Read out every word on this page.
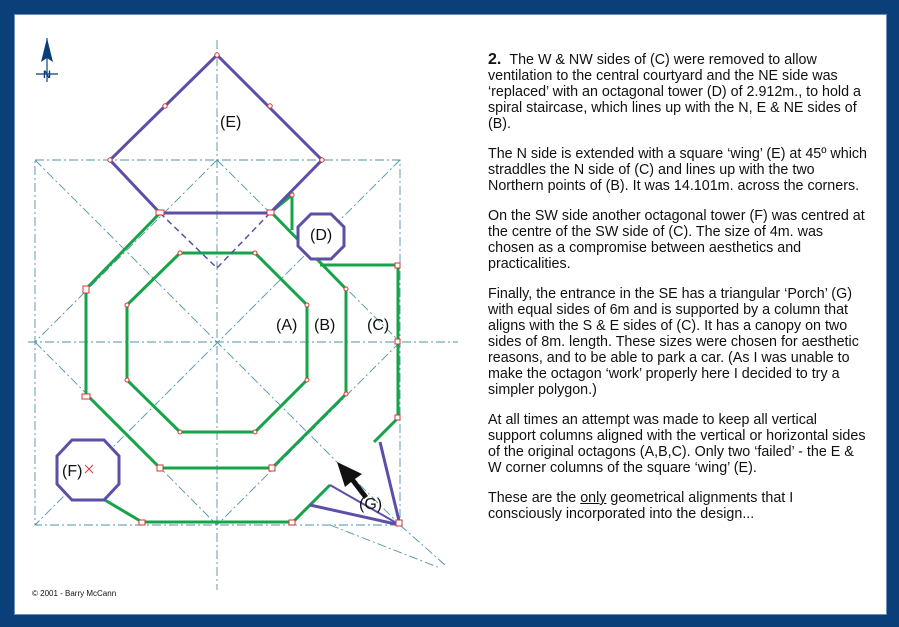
N
(E)
(D)
(A) (B) (C)
(F)
(G)

2. The W & NW sides of (C) were removed to allow ventilation to the central courtyard and the NE side was ‘replaced’ with an octagonal tower (D) of 2.912m., to hold a spiral staircase, which lines up with the N, E & NE sides of (B).

The N side is extended with a square ‘wing’ (E) at 45º which straddles the N side of (C) and lines up with the two Northern points of (B). It was 14.101m. across the corners.

On the SW side another octagonal tower (F) was centred at the centre of the SW side of (C). The size of 4m. was chosen as a compromise between aesthetics and practicalities.

Finally, the entrance in the SE has a triangular ‘Porch’ (G) with equal sides of 6m and is supported by a column that aligns with the S & E sides of (C). It has a canopy on two sides of 8m. length. These sizes were chosen for aesthetic reasons, and to be able to park a car. (As I was unable to make the octagon ‘work’ properly here I decided to try a simpler polygon.)

At all times an attempt was made to keep all vertical support columns aligned with the vertical or horizontal sides of the original octagons (A,B,C). Only two ‘failed’ - the E & W corner columns of the square ‘wing’ (E).

These are the only geometrical alignments that I consciously incorporated into the design...

© 2001 - Barry McCann
